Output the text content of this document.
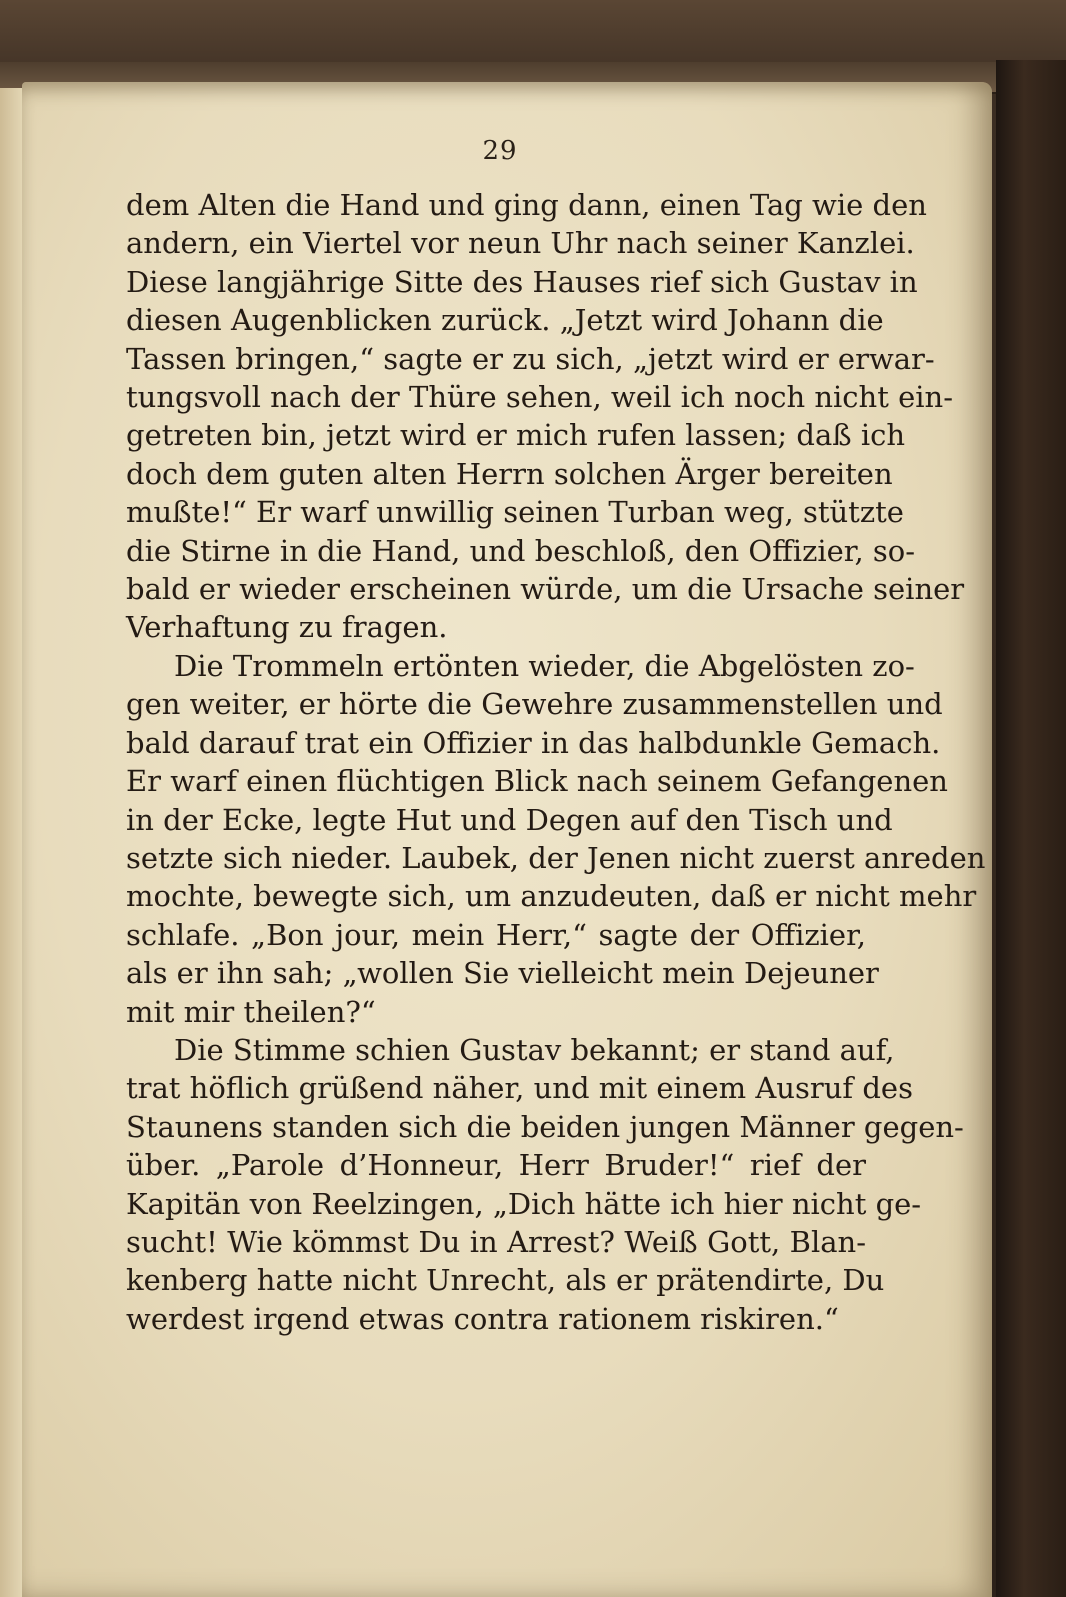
29
dem Alten die Hand und ging dann, einen Tag wie den
andern, ein Viertel vor neun Uhr nach seiner Kanzlei.
Diese langjährige Sitte des Hauses rief sich Gustav in
diesen Augenblicken zurück. „Jetzt wird Johann die
Tassen bringen,“ sagte er zu sich, „jetzt wird er erwar-
tungsvoll nach der Thüre sehen, weil ich noch nicht ein-
getreten bin, jetzt wird er mich rufen lassen; daß ich
doch dem guten alten Herrn solchen Ärger bereiten
mußte!“ Er warf unwillig seinen Turban weg, stützte
die Stirne in die Hand, und beschloß, den Offizier, so-
bald er wieder erscheinen würde, um die Ursache seiner
Verhaftung zu fragen.
Die Trommeln ertönten wieder, die Abgelösten zo-
gen weiter, er hörte die Gewehre zusammenstellen und
bald darauf trat ein Offizier in das halbdunkle Gemach.
Er warf einen flüchtigen Blick nach seinem Gefangenen
in der Ecke, legte Hut und Degen auf den Tisch und
setzte sich nieder. Laubek, der Jenen nicht zuerst anreden
mochte, bewegte sich, um anzudeuten, daß er nicht mehr
schlafe. „Bon jour, mein Herr,“ sagte der Offizier,
als er ihn sah; „wollen Sie vielleicht mein Dejeuner
mit mir theilen?“
Die Stimme schien Gustav bekannt; er stand auf,
trat höflich grüßend näher, und mit einem Ausruf des
Staunens standen sich die beiden jungen Männer gegen-
über. „Parole d’Honneur, Herr Bruder!“ rief der
Kapitän von Reelzingen, „Dich hätte ich hier nicht ge-
sucht! Wie kömmst Du in Arrest? Weiß Gott, Blan-
kenberg hatte nicht Unrecht, als er prätendirte, Du
werdest irgend etwas contra rationem riskiren.“
